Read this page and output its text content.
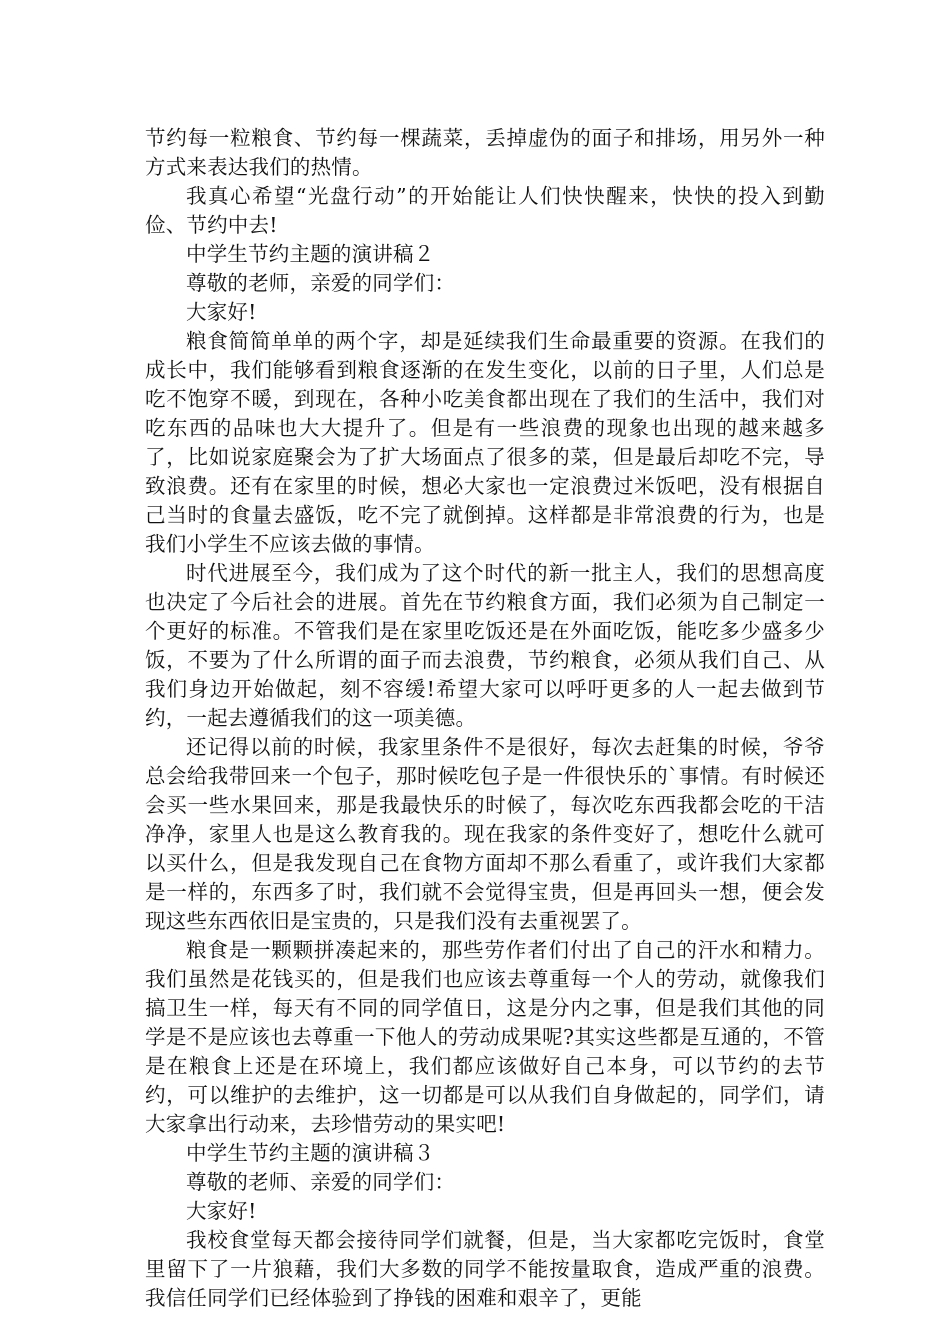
节约每一粒粮食、节约每一棵蔬菜，丢掉虚伪的面子和排场，用另外一种方式来表达我们的热情。

我真心希望“光盘行动”的开始能让人们快快醒来，快快的投入到勤俭、节约中去!

中学生节约主题的演讲稿２

尊敬的老师，亲爱的同学们：

大家好!

粮食简简单单的两个字，却是延续我们生命最重要的资源。在我们的成长中，我们能够看到粮食逐渐的在发生变化，以前的日子里，人们总是吃不饱穿不暖，到现在，各种小吃美食都出现在了我们的生活中，我们对吃东西的品味也大大提升了。但是有一些浪费的现象也出现的越来越多了，比如说家庭聚会为了扩大场面点了很多的菜，但是最后却吃不完，导致浪费。还有在家里的时候，想必大家也一定浪费过米饭吧，没有根据自己当时的食量去盛饭，吃不完了就倒掉。这样都是非常浪费的行为，也是我们小学生不应该去做的事情。

时代进展至今，我们成为了这个时代的新一批主人，我们的思想高度也决定了今后社会的进展。首先在节约粮食方面，我们必须为自己制定一个更好的标准。不管我们是在家里吃饭还是在外面吃饭，能吃多少盛多少饭，不要为了什么所谓的面子而去浪费，节约粮食，必须从我们自己、从我们身边开始做起，刻不容缓!希望大家可以呼吁更多的人一起去做到节约，一起去遵循我们的这一项美德。

还记得以前的时候，我家里条件不是很好，每次去赶集的时候，爷爷总会给我带回来一个包子，那时候吃包子是一件很快乐的`事情。有时候还会买一些水果回来，那是我最快乐的时候了，每次吃东西我都会吃的干洁净净，家里人也是这么教育我的。现在我家的条件变好了，想吃什么就可以买什么，但是我发现自己在食物方面却不那么看重了，或许我们大家都是一样的，东西多了时，我们就不会觉得宝贵，但是再回头一想，便会发现这些东西依旧是宝贵的，只是我们没有去重视罢了。

粮食是一颗颗拼凑起来的，那些劳作者们付出了自己的汗水和精力。我们虽然是花钱买的，但是我们也应该去尊重每一个人的劳动，就像我们搞卫生一样，每天有不同的同学值日，这是分内之事，但是我们其他的同学是不是应该也去尊重一下他人的劳动成果呢?其实这些都是互通的，不管是在粮食上还是在环境上，我们都应该做好自己本身，可以节约的去节约，可以维护的去维护，这一切都是可以从我们自身做起的，同学们，请大家拿出行动来，去珍惜劳动的果实吧!

中学生节约主题的演讲稿３

尊敬的老师、亲爱的同学们：

大家好!

我校食堂每天都会接待同学们就餐，但是，当大家都吃完饭时，食堂里留下了一片狼藉，我们大多数的同学不能按量取食，造成严重的浪费。我信任同学们已经体验到了挣钱的困难和艰辛了，更能
